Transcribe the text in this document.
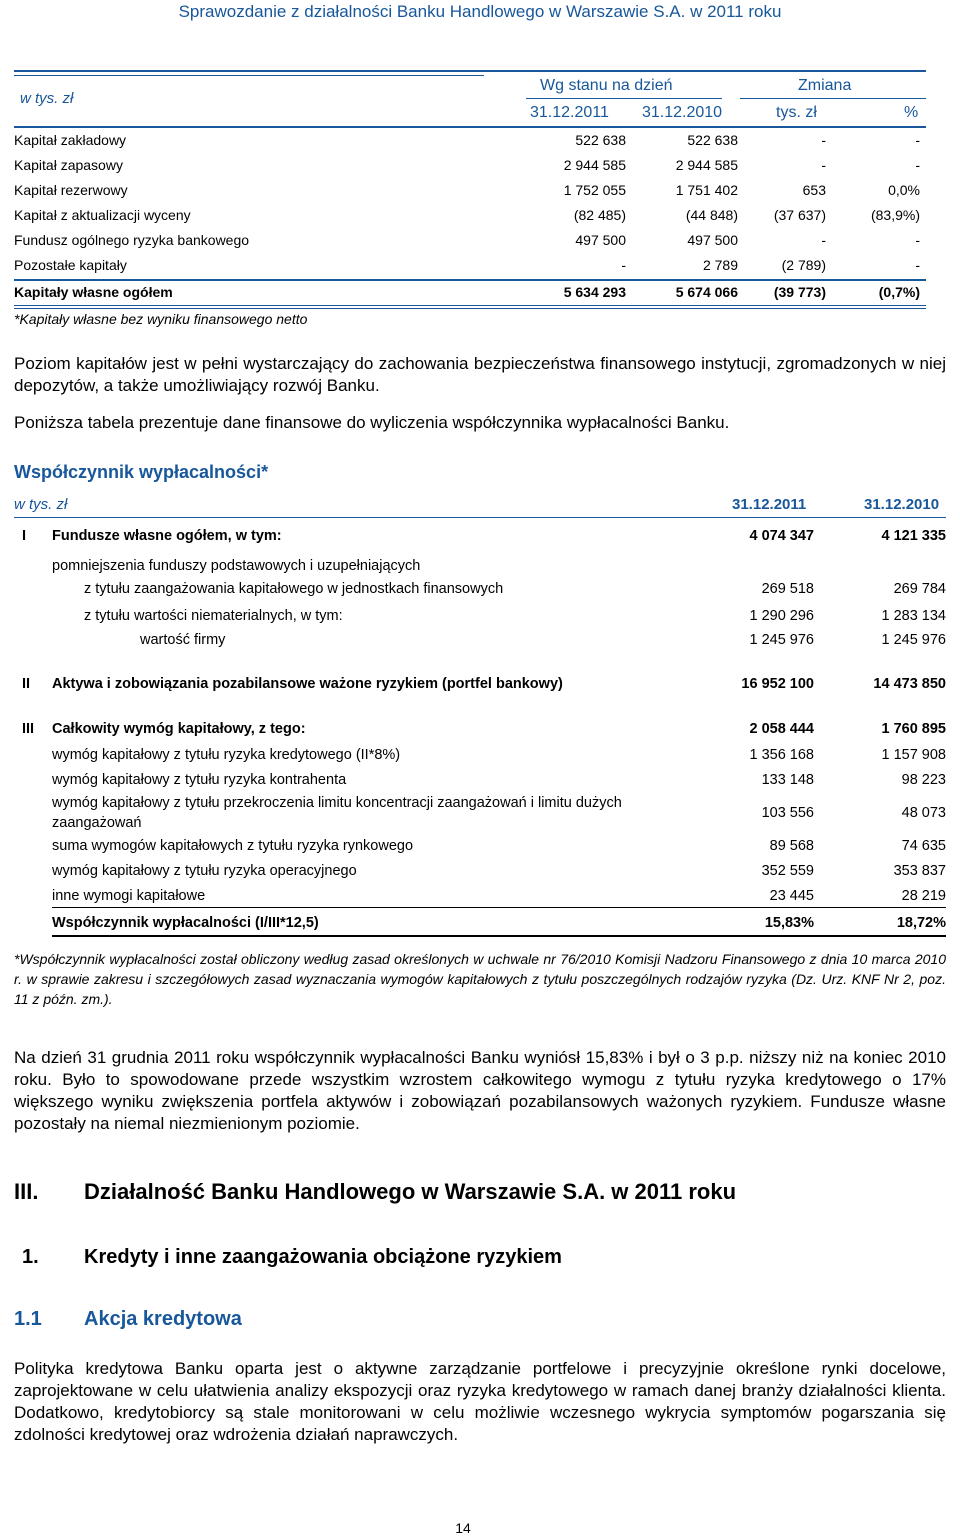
Sprawozdanie z działalności Banku Handlowego w Warszawie S.A. w 2011 roku
w tys. zł
Wg stanu na dzień	Zmiana
31.12.2011 31.12.2010	tys. zł	%
Kapitał zakładowy	522 638	522 638	-	-
Kapitał zapasowy	2 944 585	2 944 585	-	-
Kapitał rezerwowy	1 752 055	1 751 402	653	0,0%
Kapitał z aktualizacji wyceny	(82 485)	(44 848)	(37 637)	(83,9%)
Fundusz ogólnego ryzyka bankowego	497 500	497 500	-	-
Pozostałe kapitały	-	2 789	(2 789)	-
Kapitały własne ogółem	5 634 293	5 674 066	(39 773)	(0,7%)
*Kapitały własne bez wyniku finansowego netto
Poziom kapitałów jest w pełni wystarczający do zachowania bezpieczeństwa finansowego instytucji, zgromadzonych w niej depozytów, a także umożliwiający rozwój Banku.
Poniższa tabela prezentuje dane finansowe do wyliczenia współczynnika wypłacalności Banku.
Współczynnik wypłacalności*
w tys. zł	31.12.2011	31.12.2010
I Fundusze własne ogółem, w tym:	4 074 347	4 121 335
pomniejszenia funduszy podstawowych i uzupełniających
z tytułu zaangażowania kapitałowego w jednostkach finansowych	269 518	269 784
z tytułu wartości niematerialnych, w tym:	1 290 296	1 283 134
wartość firmy	1 245 976	1 245 976
II Aktywa i zobowiązania pozabilansowe ważone ryzykiem (portfel bankowy)	16 952 100	14 473 850
III Całkowity wymóg kapitałowy, z tego:	2 058 444	1 760 895
wymóg kapitałowy z tytułu ryzyka kredytowego (II*8%)	1 356 168	1 157 908
wymóg kapitałowy z tytułu ryzyka kontrahenta	133 148	98 223
wymóg kapitałowy z tytułu przekroczenia limitu koncentracji zaangażowań i limitu dużych zaangażowań
103 556	48 073
suma wymogów kapitałowych z tytułu ryzyka rynkowego	89 568	74 635
wymóg kapitałowy z tytułu ryzyka operacyjnego	352 559	353 837
inne wymogi kapitałowe	23 445	28 219
Współczynnik wypłacalności (I/III*12,5)	15,83%	18,72%
*Współczynnik wypłacalności został obliczony według zasad określonych w uchwale nr 76/2010 Komisji Nadzoru Finansowego z dnia 10 marca 2010 r. w sprawie zakresu i szczegółowych zasad wyznaczania wymogów kapitałowych z tytułu poszczególnych rodzajów ryzyka (Dz. Urz. KNF Nr 2, poz. 11 z późn. zm.).
Na dzień 31 grudnia 2011 roku współczynnik wypłacalności Banku wyniósł 15,83% i był o 3 p.p. niższy niż na koniec 2010 roku. Było to spowodowane przede wszystkim wzrostem całkowitego wymogu z tytułu ryzyka kredytowego o 17% większego wyniku zwiększenia portfela aktywów i zobowiązań pozabilansowych ważonych ryzykiem. Fundusze własne pozostały na niemal niezmienionym poziomie.
III. Działalność Banku Handlowego w Warszawie S.A. w 2011 roku
1. Kredyty i inne zaangażowania obciążone ryzykiem
1.1 Akcja kredytowa
Polityka kredytowa Banku oparta jest o aktywne zarządzanie portfelowe i precyzyjnie określone rynki docelowe, zaprojektowane w celu ułatwienia analizy ekspozycji oraz ryzyka kredytowego w ramach danej branży działalności klienta. Dodatkowo, kredytobiorcy są stale monitorowani w celu możliwie wczesnego wykrycia symptomów pogarszania się zdolności kredytowej oraz wdrożenia działań naprawczych.
14
